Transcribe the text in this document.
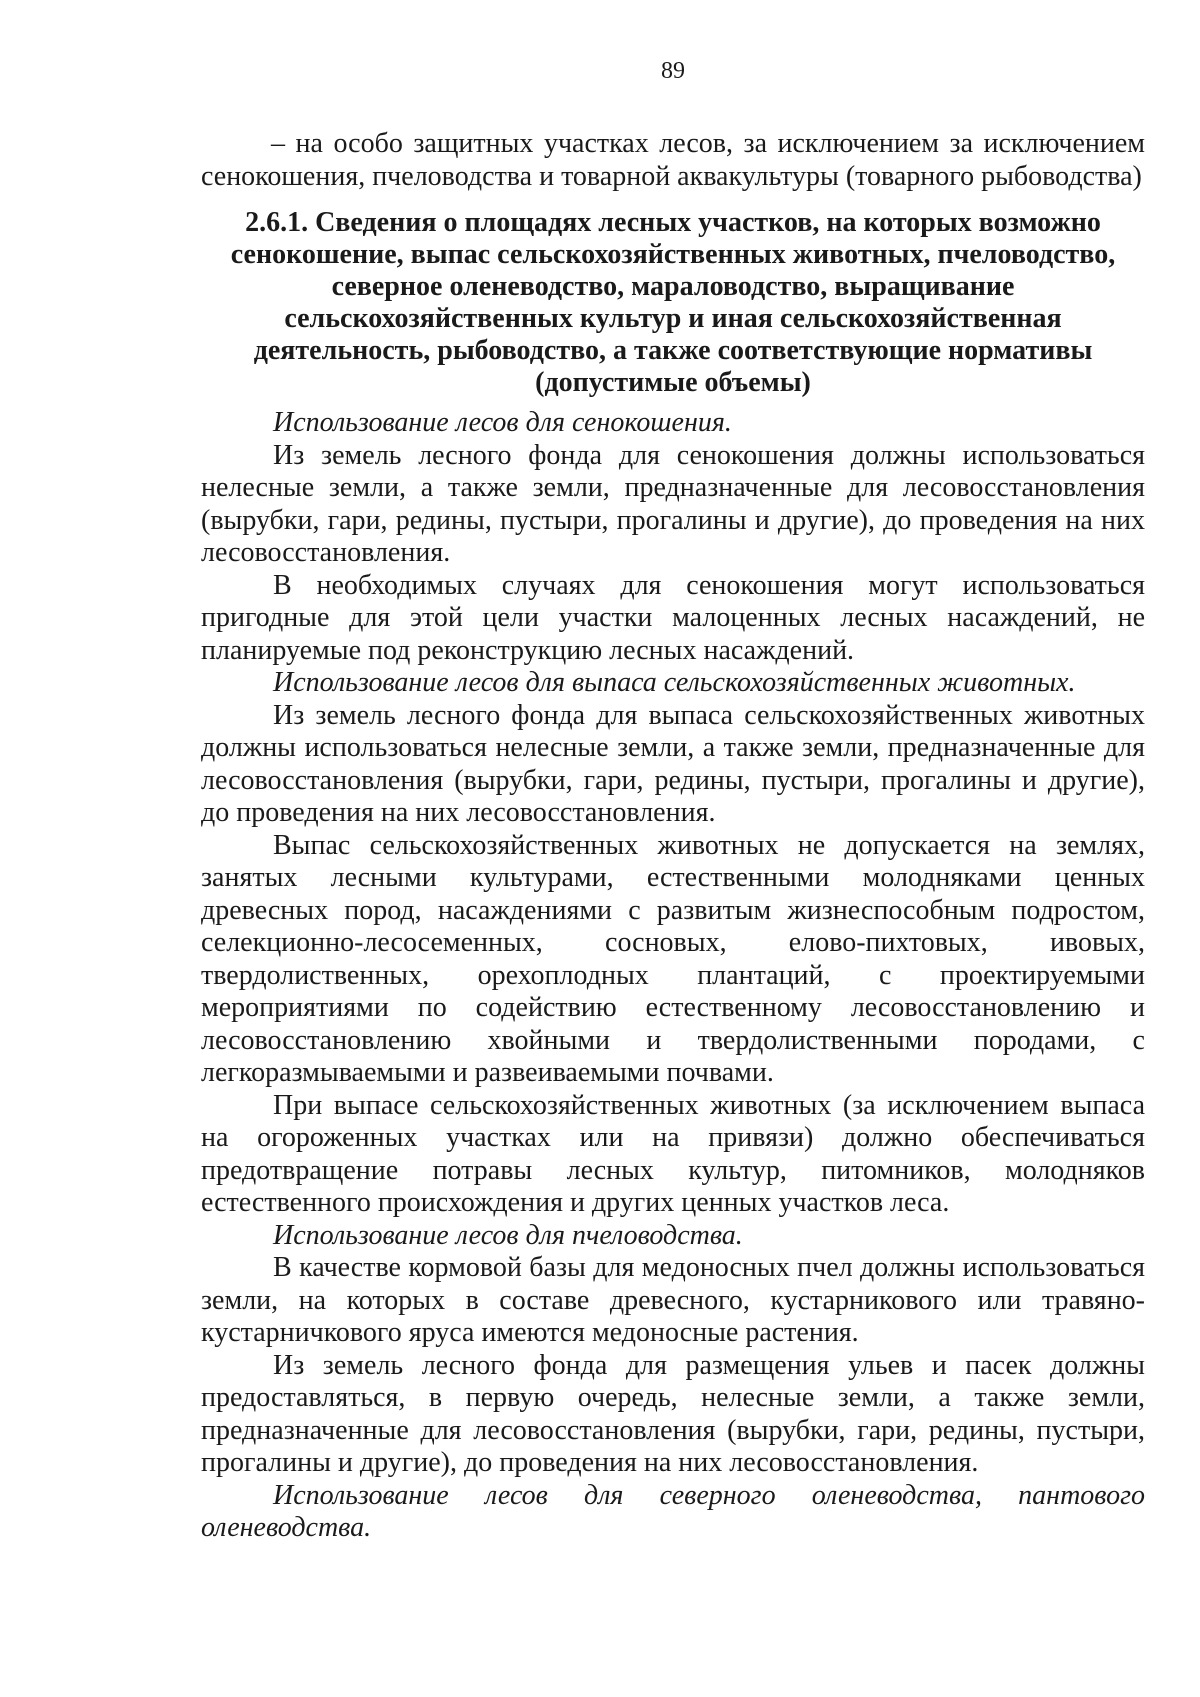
89

– на особо защитных участках лесов, за исключением за исключением сенокошения, пчеловодства и товарной аквакультуры (товарного рыбоводства)

2.6.1. Сведения о площадях лесных участков, на которых возможно сенокошение, выпас сельскохозяйственных животных, пчеловодство, северное оленеводство, мараловодство, выращивание сельскохозяйственных культур и иная сельскохозяйственная деятельность, рыбоводство, а также соответствующие нормативы (допустимые объемы)
Использование лесов для сенокошения.

Из земель лесного фонда для сенокошения должны использоваться нелесные земли, а также земли, предназначенные для лесовосстановления (вырубки, гари, редины, пустыри, прогалины и другие), до проведения на них лесовосстановления.

В необходимых случаях для сенокошения могут использоваться пригодные для этой цели участки малоценных лесных насаждений, не планируемые под реконструкцию лесных насаждений.

Использование лесов для выпаса сельскохозяйственных животных.

Из земель лесного фонда для выпаса сельскохозяйственных животных должны использоваться нелесные земли, а также земли, предназначенные для лесовосстановления (вырубки, гари, редины, пустыри, прогалины и другие), до проведения на них лесовосстановления.

Выпас сельскохозяйственных животных не допускается на землях, занятых лесными культурами, естественными молодняками ценных древесных пород, насаждениями с развитым жизнеспособным подростом, селекционно-лесосеменных, сосновых, елово-пихтовых, ивовых, твердолиственных, орехоплодных плантаций, с проектируемыми мероприятиями по содействию естественному лесовосстановлению и лесовосстановлению хвойными и твердолиственными породами, с легкоразмываемыми и развеиваемыми почвами.

При выпасе сельскохозяйственных животных (за исключением выпаса на огороженных участках или на привязи) должно обеспечиваться предотвращение потравы лесных культур, питомников, молодняков естественного происхождения и других ценных участков леса.

Использование лесов для пчеловодства.

В качестве кормовой базы для медоносных пчел должны использоваться земли, на которых в составе древесного, кустарникового или травяно-кустарничкового яруса имеются медоносные растения.

Из земель лесного фонда для размещения ульев и пасек должны предоставляться, в первую очередь, нелесные земли, а также земли, предназначенные для лесовосстановления (вырубки, гари, редины, пустыри, прогалины и другие), до проведения на них лесовосстановления.

Использование лесов для северного оленеводства, пантового оленеводства.
